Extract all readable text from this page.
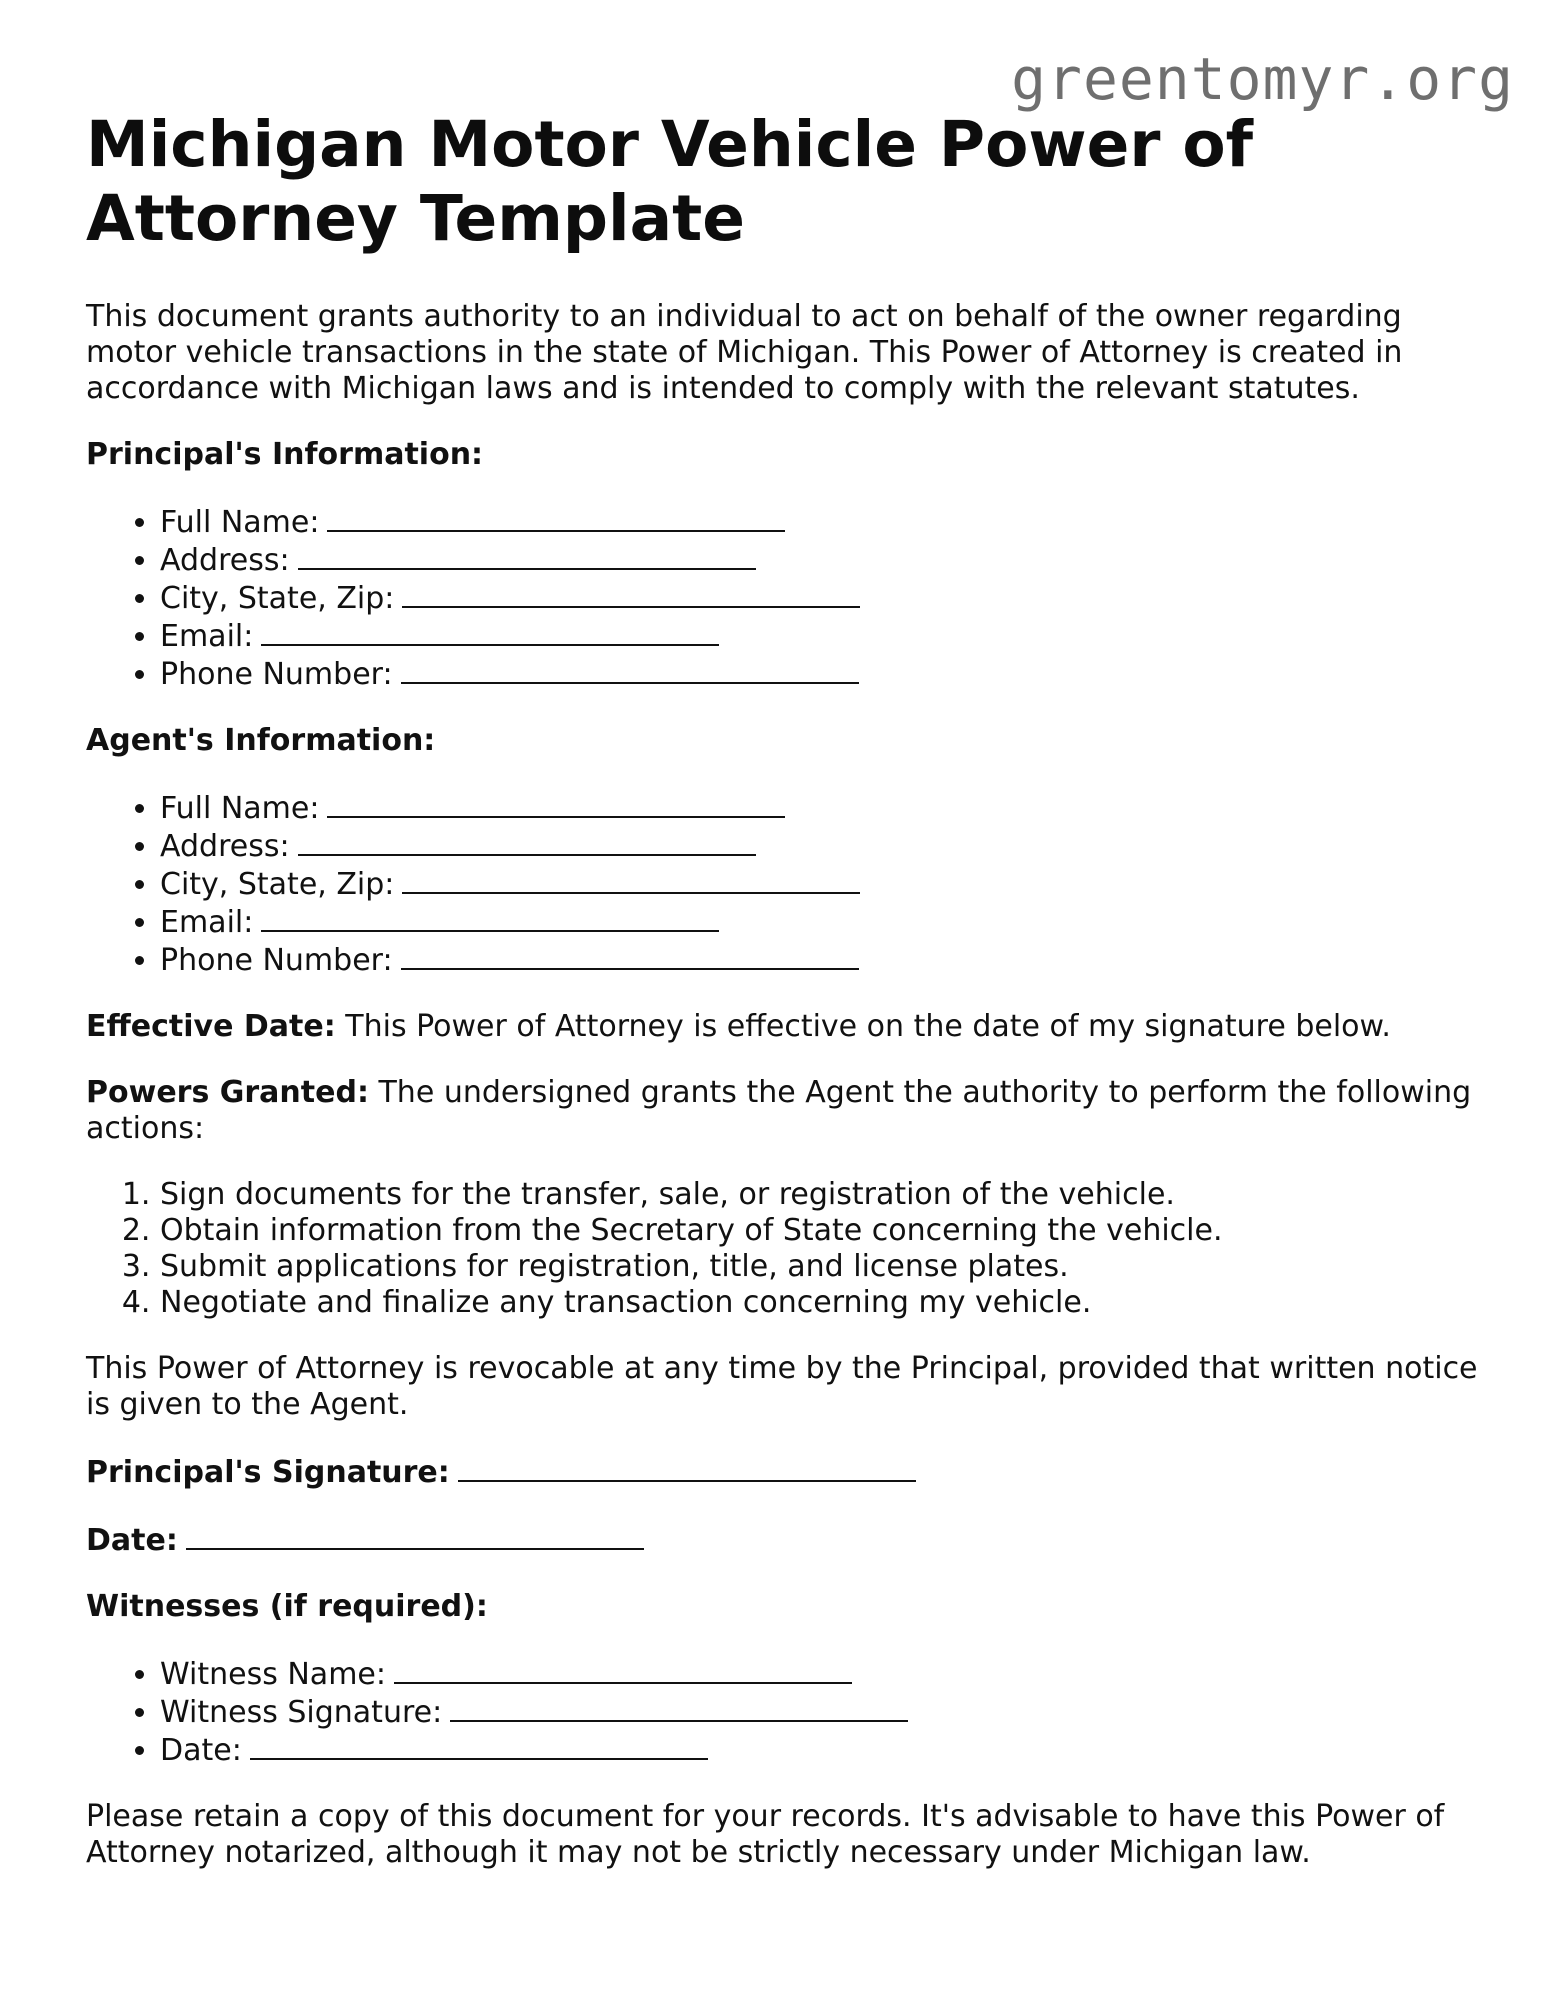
greentomyr.org
Michigan Motor Vehicle Power of Attorney Template

This document grants authority to an individual to act on behalf of the owner regarding motor vehicle transactions in the state of Michigan. This Power of Attorney is created in accordance with Michigan laws and is intended to comply with the relevant statutes.

Principal's Information:

• Full Name:
• Address:
• City, State, Zip:
• Email:
• Phone Number:

Agent's Information:

• Full Name:
• Address:
• City, State, Zip:
• Email:
• Phone Number:

Effective Date: This Power of Attorney is effective on the date of my signature below.

Powers Granted: The undersigned grants the Agent the authority to perform the following actions:

1. Sign documents for the transfer, sale, or registration of the vehicle.
2. Obtain information from the Secretary of State concerning the vehicle.
3. Submit applications for registration, title, and license plates.
4. Negotiate and finalize any transaction concerning my vehicle.

This Power of Attorney is revocable at any time by the Principal, provided that written notice is given to the Agent.

Principal's Signature:

Date:

Witnesses (if required):

• Witness Name:
• Witness Signature:
• Date:

Please retain a copy of this document for your records. It's advisable to have this Power of Attorney notarized, although it may not be strictly necessary under Michigan law.
